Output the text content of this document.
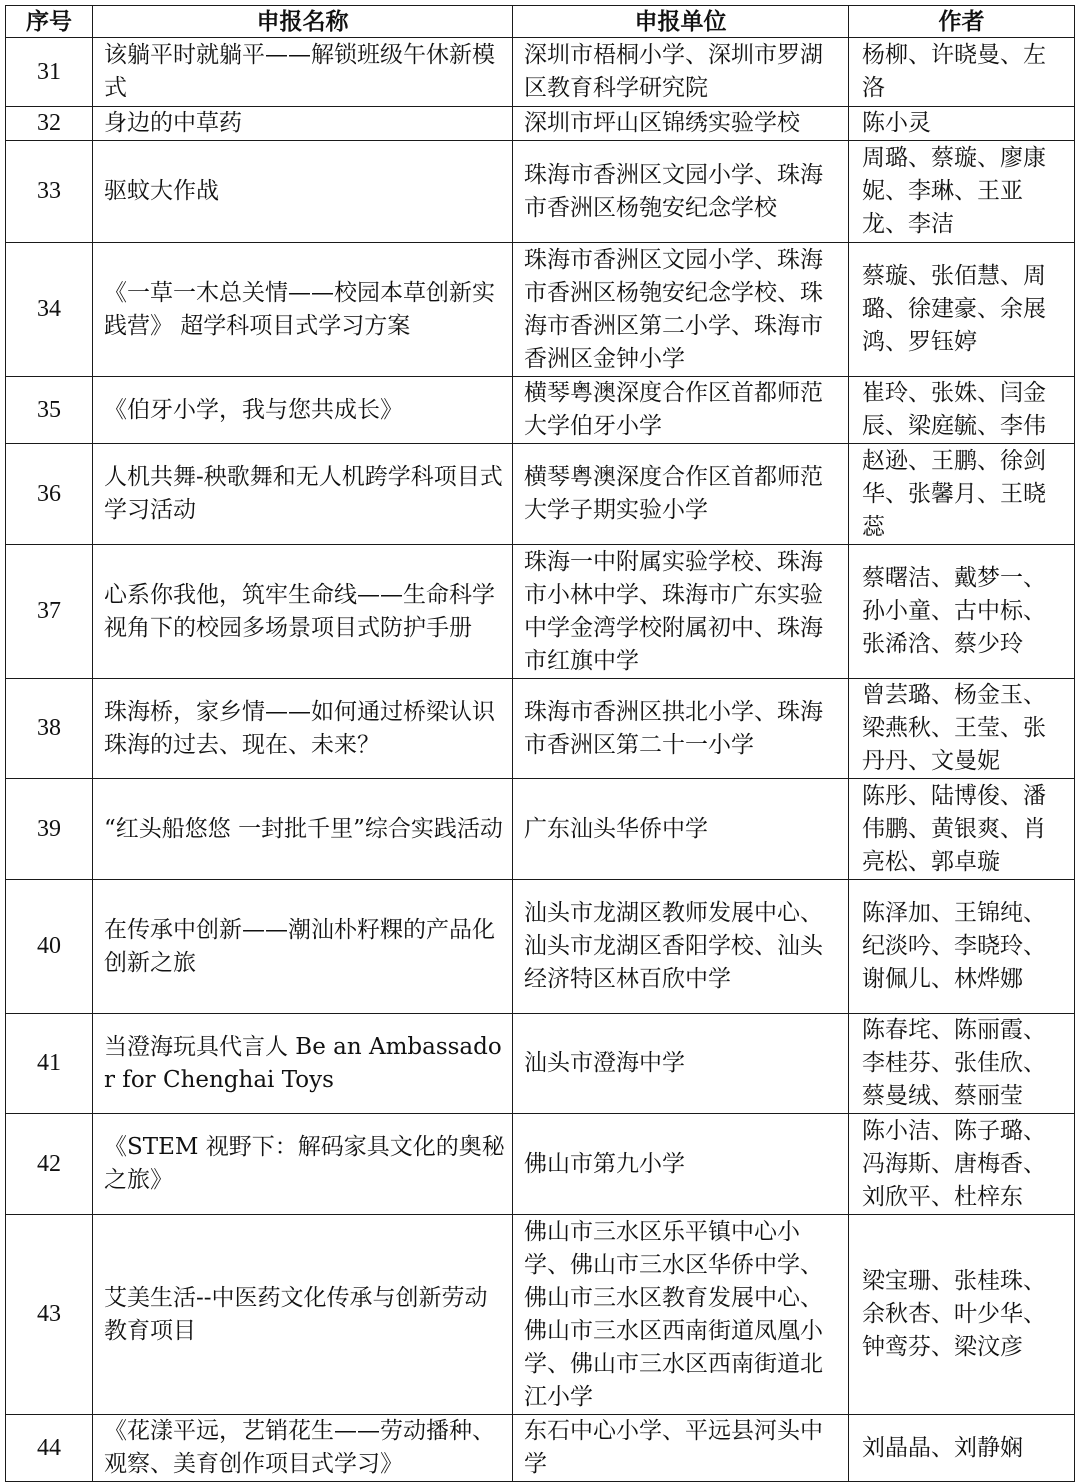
序号	申报名称	申报单位	作者
31	该躺平时就躺平——解锁班级午休新模式	深圳市梧桐小学、深圳市罗湖区教育科学研究院	杨柳、许晓曼、左洛
32	身边的中草药	深圳市坪山区锦绣实验学校	陈小灵
33	驱蚊大作战	珠海市香洲区文园小学、珠海市香洲区杨匏安纪念学校	周璐、蔡璇、廖康妮、李琳、王亚龙、李洁
34	《一草一木总关情——校园本草创新实践营》 超学科项目式学习方案	珠海市香洲区文园小学、珠海市香洲区杨匏安纪念学校、珠海市香洲区第二小学、珠海市香洲区金钟小学	蔡璇、张佰慧、周璐、徐建豪、余展鸿、罗钰婷
35	《伯牙小学，我与您共成长》	横琴粤澳深度合作区首都师范大学伯牙小学	崔玲、张姝、闫金辰、梁庭毓、李伟
36	人机共舞-秧歌舞和无人机跨学科项目式学习活动	横琴粤澳深度合作区首都师范大学子期实验小学	赵逊、王鹏、徐剑华、张馨月、王晓蕊
37	心系你我他，筑牢生命线——生命科学视角下的校园多场景项目式防护手册	珠海一中附属实验学校、珠海市小林中学、珠海市广东实验中学金湾学校附属初中、珠海市红旗中学	蔡曙洁、戴梦一、孙小童、古中标、张浠浛、蔡少玲
38	珠海桥，家乡情——如何通过桥梁认识珠海的过去、现在、未来？	珠海市香洲区拱北小学、珠海市香洲区第二十一小学	曾芸璐、杨金玉、梁燕秋、王莹、张丹丹、文曼妮
39	“红头船悠悠 一封批千里”综合实践活动	广东汕头华侨中学	陈彤、陆博俊、潘伟鹏、黄银爽、肖亮松、郭卓璇
40	在传承中创新——潮汕朴籽粿的产品化创新之旅	汕头市龙湖区教师发展中心、汕头市龙湖区香阳学校、汕头经济特区林百欣中学	陈泽加、王锦纯、纪淡吟、李晓玲、谢佩儿、林烨娜
41	当澄海玩具代言人 Be an Ambassador for Chenghai Toys	汕头市澄海中学	陈春垞、陈丽霞、李桂芬、张佳欣、蔡曼绒、蔡丽莹
42	《STEM 视野下：解码家具文化的奥秘之旅》	佛山市第九小学	陈小洁、陈子璐、冯海斯、唐梅香、刘欣平、杜梓东
43	艾美生活--中医药文化传承与创新劳动教育项目	佛山市三水区乐平镇中心小学、佛山市三水区华侨中学、佛山市三水区教育发展中心、佛山市三水区西南街道凤凰小学、佛山市三水区西南街道北江小学	梁宝珊、张桂珠、余秋杏、叶少华、钟鸾芬、梁汶彦
44	《花漾平远，艺销花生——劳动播种、观察、美育创作项目式学习》	东石中心小学、平远县河头中学	刘晶晶、刘静娴
